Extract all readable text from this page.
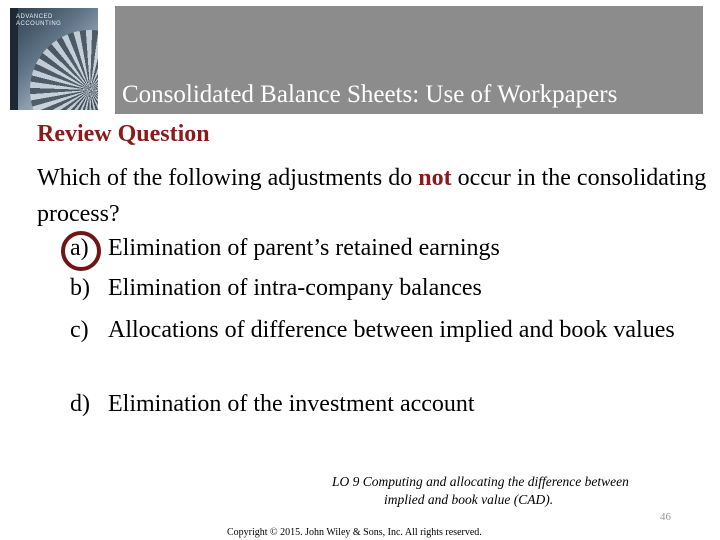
ADVANCED ACCOUNTING
Consolidated Balance Sheets: Use of Workpapers
Review Question
Which of the following adjustments do not occur in the consolidating process?
a) Elimination of parent’s retained earnings
b) Elimination of intra-company balances
c) Allocations of difference between implied and book values
d) Elimination of the investment account
LO 9 Computing and allocating the difference between
implied and book value (CAD).
46
Copyright © 2015. John Wiley & Sons, Inc. All rights reserved.
